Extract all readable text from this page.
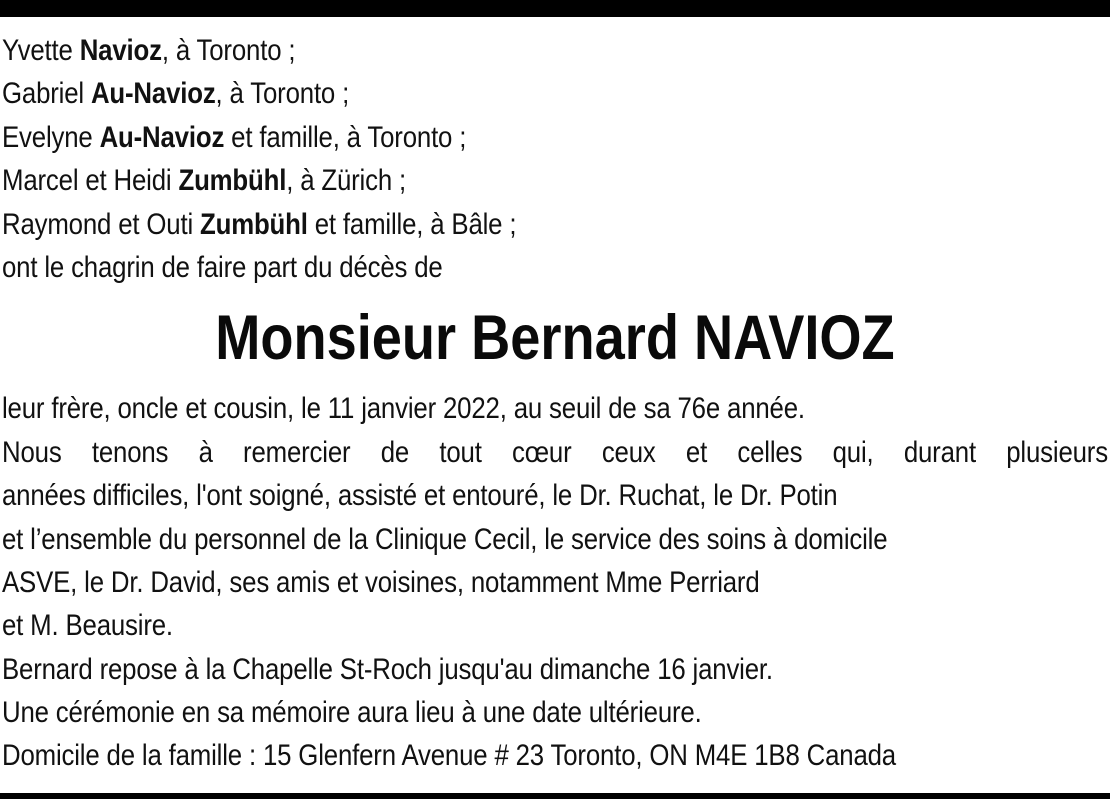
Yvette Navioz, à Toronto ;
Gabriel Au-Navioz, à Toronto ;
Evelyne Au-Navioz et famille, à Toronto ;
Marcel et Heidi Zumbühl, à Zürich ;
Raymond et Outi Zumbühl et famille, à Bâle ;
ont le chagrin de faire part du décès de
Monsieur Bernard NAVIOZ
leur frère, oncle et cousin, le 11 janvier 2022, au seuil de sa 76e année.
Nous tenons à remercier de tout cœur ceux et celles qui, durant plusieurs
années difficiles, l'ont soigné, assisté et entouré, le Dr. Ruchat, le Dr. Potin
et l’ensemble du personnel de la Clinique Cecil, le service des soins à domicile
ASVE, le Dr. David, ses amis et voisines, notamment Mme Perriard
et M. Beausire.
Bernard repose à la Chapelle St-Roch jusqu'au dimanche 16 janvier.
Une cérémonie en sa mémoire aura lieu à une date ultérieure.
Domicile de la famille : 15 Glenfern Avenue # 23 Toronto, ON M4E 1B8 Canada
